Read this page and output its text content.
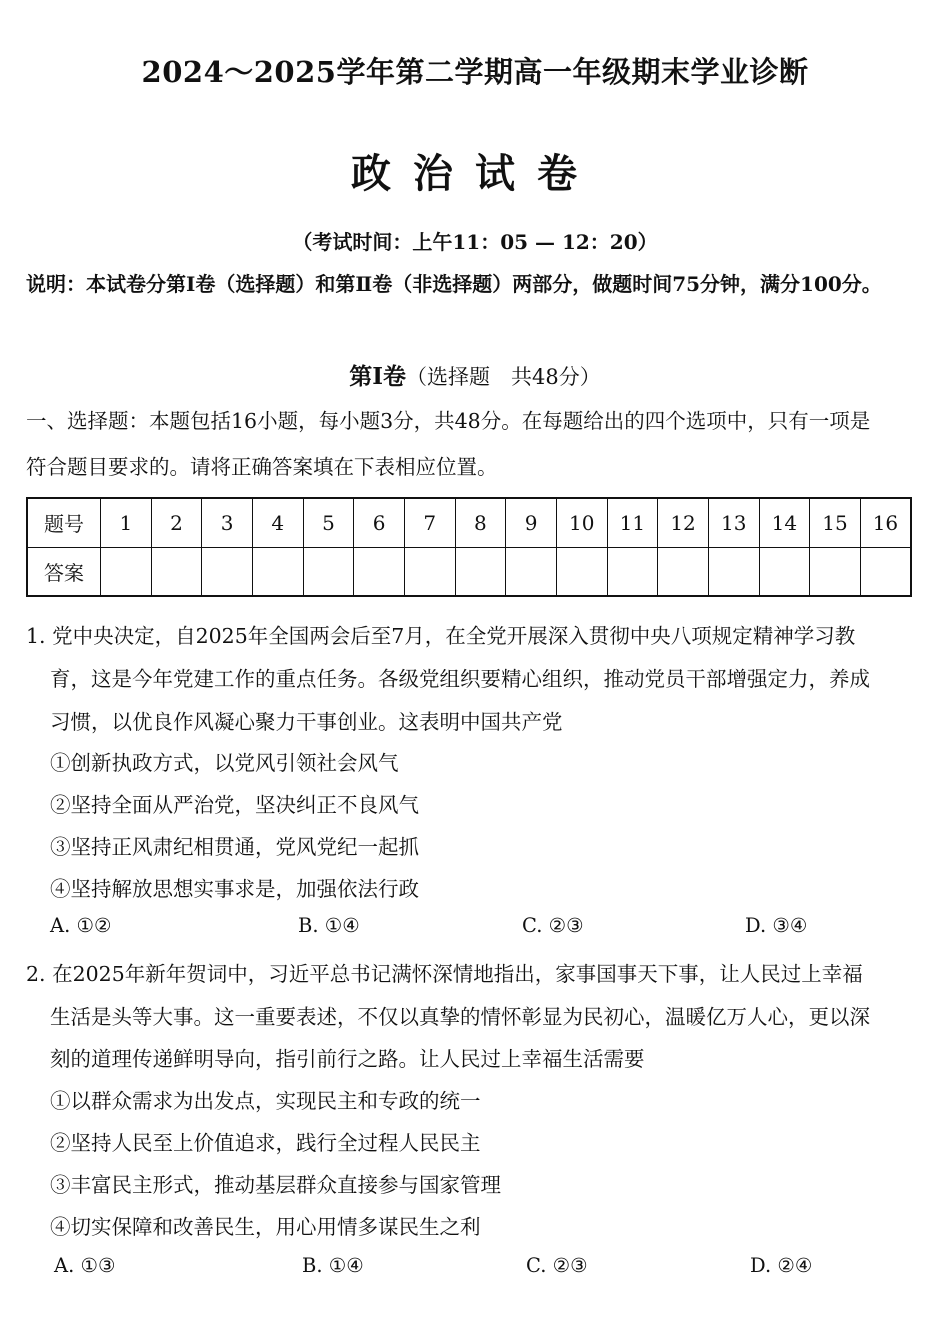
2024～2025学年第二学期高一年级期末学业诊断
政治试卷
（考试时间：上午11：05 — 12：20）
说明：本试卷分第Ⅰ卷（选择题）和第Ⅱ卷（非选择题）两部分，做题时间75分钟，满分100分。
第Ⅰ卷（选择题　共48分）
一、选择题：本题包括16小题，每小题3分，共48分。在每题给出的四个选项中，只有一项是
符合题目要求的。请将正确答案填在下表相应位置。
题号	1	2	3	4	5	6	7	8	9	10	11	12	13	14	15	16
答案																
1. 党中央决定，自2025年全国两会后至7月，在全党开展深入贯彻中央八项规定精神学习教
育，这是今年党建工作的重点任务。各级党组织要精心组织，推动党员干部增强定力，养成
习惯，以优良作风凝心聚力干事创业。这表明中国共产党
①创新执政方式，以党风引领社会风气
②坚持全面从严治党，坚决纠正不良风气
③坚持正风肃纪相贯通，党风党纪一起抓
④坚持解放思想实事求是，加强依法行政
A. ①②	B. ①④	C. ②③	D. ③④
2. 在2025年新年贺词中，习近平总书记满怀深情地指出，家事国事天下事，让人民过上幸福
生活是头等大事。这一重要表述，不仅以真挚的情怀彰显为民初心，温暖亿万人心，更以深
刻的道理传递鲜明导向，指引前行之路。让人民过上幸福生活需要
①以群众需求为出发点，实现民主和专政的统一
②坚持人民至上价值追求，践行全过程人民民主
③丰富民主形式，推动基层群众直接参与国家管理
④切实保障和改善民生，用心用情多谋民生之利
A. ①③	B. ①④	C. ②③	D. ②④
